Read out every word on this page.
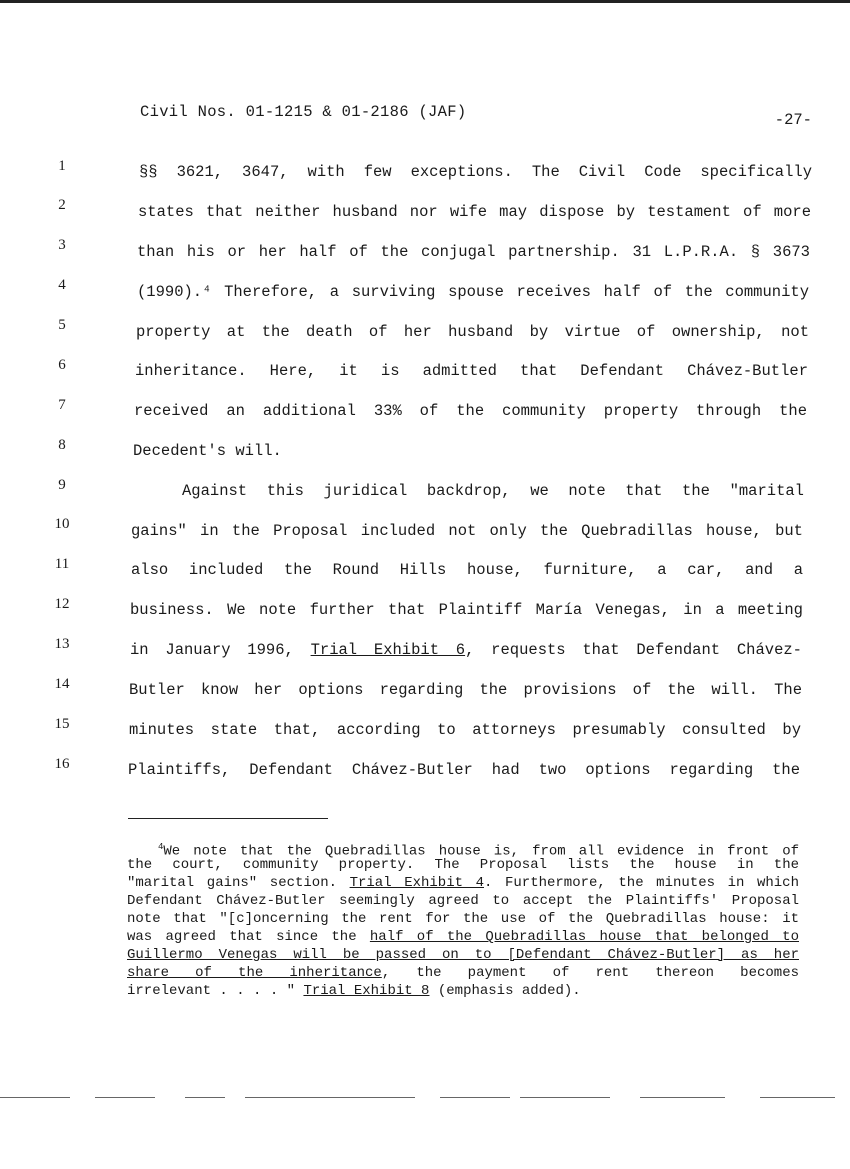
Civil Nos. 01-1215 & 01-2186 (JAF)	-27-
1
2
3
4
5
6
7
8
9
10
11
12
13
14
15
16
§§ 3621, 3647, with few exceptions. The Civil Code specifically
states that neither husband nor wife may dispose by testament of more
than his or her half of the conjugal partnership. 31 L.P.R.A. § 3673
(1990).⁴ Therefore, a surviving spouse receives half of the community
property at the death of her husband by virtue of ownership, not
inheritance. Here, it is admitted that Defendant Chávez-Butler
received an additional 33% of the community property through the
Decedent's will.
Against this juridical backdrop, we note that the "marital
gains" in the Proposal included not only the Quebradillas house, but
also included the Round Hills house, furniture, a car, and a
business. We note further that Plaintiff María Venegas, in a meeting
in January 1996, Trial Exhibit 6, requests that Defendant Chávez-
Butler know her options regarding the provisions of the will. The
minutes state that, according to attorneys presumably consulted by
Plaintiffs, Defendant Chávez-Butler had two options regarding the
$^4$We note that the Quebradillas house is, from all evidence in front of
the court, community property. The Proposal lists the house in the
"marital gains" section. Trial Exhibit 4. Furthermore, the minutes in which
Defendant Chávez-Butler seemingly agreed to accept the Plaintiffs' Proposal
note that "[c]oncerning the rent for the use of the Quebradillas house: it
was agreed that since the half of the Quebradillas house that belonged to
Guillermo Venegas will be passed on to [Defendant Chávez-Butler] as her
share of the inheritance, the payment of rent thereon becomes
irrelevant . . . . " Trial Exhibit 8 (emphasis added).
